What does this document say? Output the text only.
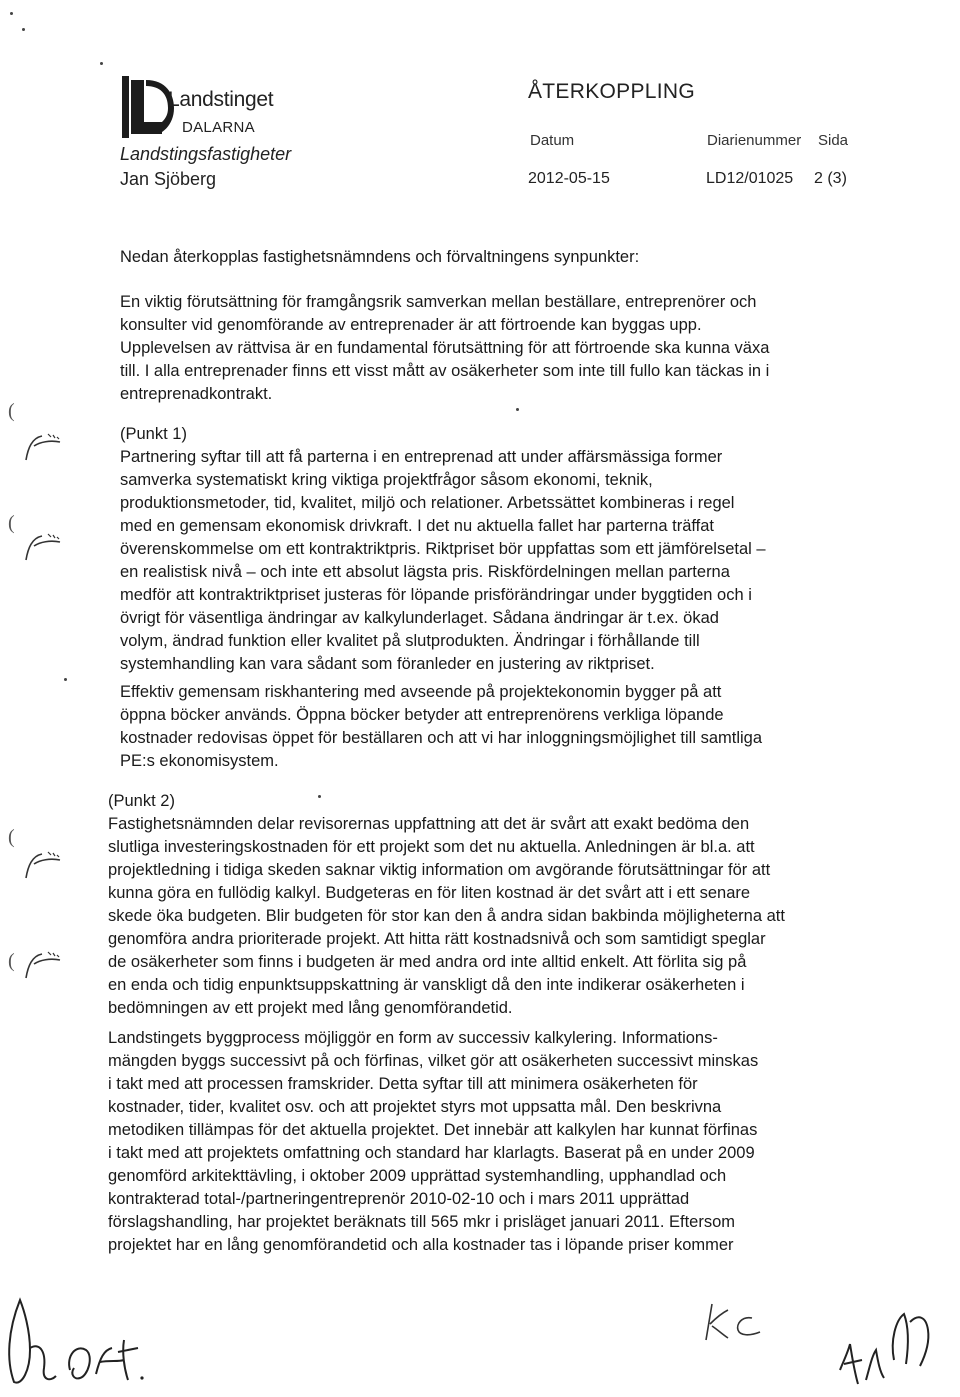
Landstinget
DALARNA
Landstingsfastigheter
Jan Sjöberg
ÅTERKOPPLING
Datum	Diarienummer Sida
2012-05-15	LD12/01025 2 (3)
Nedan återkopplas fastighetsnämndens och förvaltningens synpunkter:
En viktig förutsättning för framgångsrik samverkan mellan beställare, entreprenörer och
konsulter vid genomförande av entreprenader är att förtroende kan byggas upp.
Upplevelsen av rättvisa är en fundamental förutsättning för att förtroende ska kunna växa
till. I alla entreprenader finns ett visst mått av osäkerheter som inte till fullo kan täckas in i
entreprenadkontrakt.
(Punkt 1)
Partnering syftar till att få parterna i en entreprenad att under affärsmässiga former
samverka systematiskt kring viktiga projektfrågor såsom ekonomi, teknik,
produktionsmetoder, tid, kvalitet, miljö och relationer. Arbetssättet kombineras i regel
med en gemensam ekonomisk drivkraft. I det nu aktuella fallet har parterna träffat
överenskommelse om ett kontraktriktpris. Riktpriset bör uppfattas som ett jämförelsetal –
en realistisk nivå – och inte ett absolut lägsta pris. Riskfördelningen mellan parterna
medför att kontraktriktpriset justeras för löpande prisförändringar under byggtiden och i
övrigt för väsentliga ändringar av kalkylunderlaget. Sådana ändringar är t.ex. ökad
volym, ändrad funktion eller kvalitet på slutprodukten. Ändringar i förhållande till
systemhandling kan vara sådant som föranleder en justering av riktpriset.
Effektiv gemensam riskhantering med avseende på projektekonomin bygger på att
öppna böcker används. Öppna böcker betyder att entreprenörens verkliga löpande
kostnader redovisas öppet för beställaren och att vi har inloggningsmöjlighet till samtliga
PE:s ekonomisystem.
(Punkt 2)
Fastighetsnämnden delar revisorernas uppfattning att det är svårt att exakt bedöma den
slutliga investeringskostnaden för ett projekt som det nu aktuella. Anledningen är bl.a. att
projektledning i tidiga skeden saknar viktig information om avgörande förutsättningar för att
kunna göra en fullödig kalkyl. Budgeteras en för liten kostnad är det svårt att i ett senare
skede öka budgeten. Blir budgeten för stor kan den å andra sidan bakbinda möjligheterna att
genomföra andra prioriterade projekt. Att hitta rätt kostnadsnivå och som samtidigt speglar
de osäkerheter som finns i budgeten är med andra ord inte alltid enkelt. Att förlita sig på
en enda och tidig enpunktsuppskattning är vanskligt då den inte indikerar osäkerheten i
bedömningen av ett projekt med lång genomförandetid.
Landstingets byggprocess möjliggör en form av successiv kalkylering. Informations-
mängden byggs successivt på och förfinas, vilket gör att osäkerheten successivt minskas
i takt med att processen framskrider. Detta syftar till att minimera osäkerheten för
kostnader, tider, kvalitet osv. och att projektet styrs mot uppsatta mål. Den beskrivna
metodiken tillämpas för det aktuella projektet. Det innebär att kalkylen har kunnat förfinas
i takt med att projektets omfattning och standard har klarlagts. Baserat på en under 2009
genomförd arkitekttävling, i oktober 2009 upprättad systemhandling, upphandlad och
kontrakterad total-/partneringentreprenör 2010-02-10 och i mars 2011 upprättad
förslagshandling, har projektet beräknats till 565 mkr i prisläget januari 2011. Eftersom
projektet har en lång genomförandetid och alla kostnader tas i löpande priser kommer
(
(
(
(
